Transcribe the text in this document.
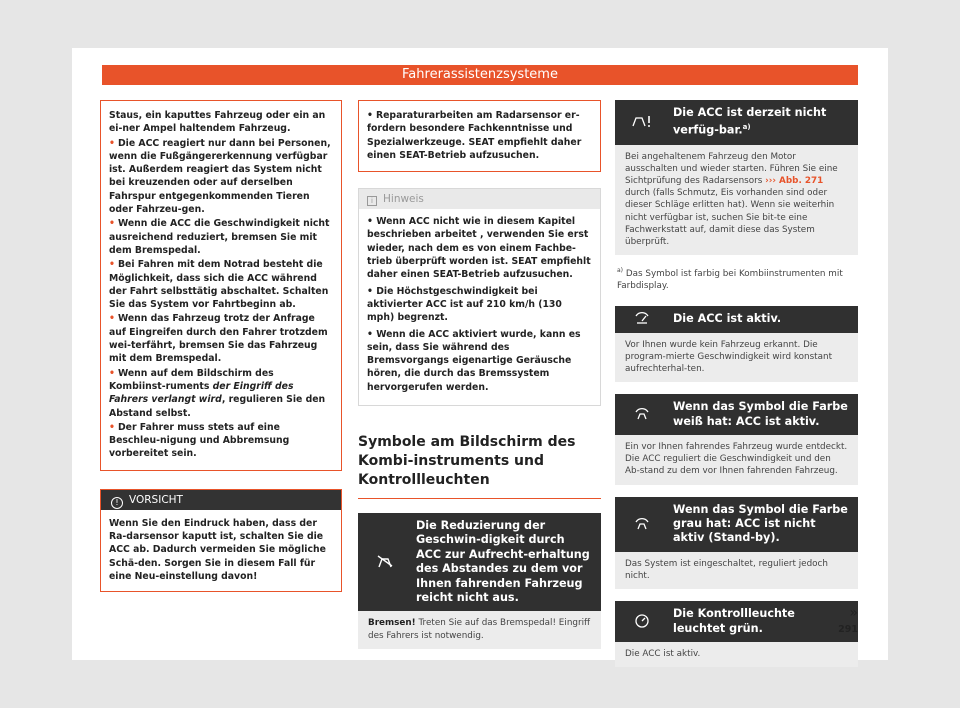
Fahrerassistenzsysteme

Staus, ein kaputtes Fahrzeug oder ein an ei-ner Ampel haltendem Fahrzeug.

• Die ACC reagiert nur dann bei Personen, wenn die Fußgängererkennung verfügbar ist. Außerdem reagiert das System nicht bei kreuzenden oder auf derselben Fahrspur entgegenkommenden Tieren oder Fahrzeu-gen.
• Wenn die ACC die Geschwindigkeit nicht ausreichend reduziert, bremsen Sie mit dem Bremspedal.
• Bei Fahren mit dem Notrad besteht die Möglichkeit, dass sich die ACC während der Fahrt selbsttätig abschaltet. Schalten Sie das System vor Fahrtbeginn ab.
• Wenn das Fahrzeug trotz der Anfrage auf Eingreifen durch den Fahrer trotzdem wei-terfährt, bremsen Sie das Fahrzeug mit dem Bremspedal.
• Wenn auf dem Bildschirm des Kombiinst-ruments der Eingriff des Fahrers verlangt wird, regulieren Sie den Abstand selbst.
• Der Fahrer muss stets auf eine Beschleu-nigung und Abbremsung vorbereitet sein.
! VORSICHT
Wenn Sie den Eindruck haben, dass der Ra-darsensor kaputt ist, schalten Sie die ACC ab. Dadurch vermeiden Sie mögliche Schä-den. Sorgen Sie in diesem Fall für eine Neu-einstellung davon!
• Reparaturarbeiten am Radarsensor er-fordern besondere Fachkenntnisse und Spezialwerkzeuge. SEAT empfiehlt daher einen SEAT-Betrieb aufzusuchen.
i Hinweis
• Wenn ACC nicht wie in diesem Kapitel beschrieben arbeitet , verwenden Sie erst wieder, nach dem es von einem Fachbe-trieb überprüft worden ist. SEAT empfiehlt daher einen SEAT-Betrieb aufzusuchen.
• Die Höchstgeschwindigkeit bei aktivierter ACC ist auf 210 km/h (130 mph) begrenzt.
• Wenn die ACC aktiviert wurde, kann es sein, dass Sie während des Bremsvorgangs eigenartige Geräusche hören, die durch das Bremssystem hervorgerufen werden.
Symbole am Bildschirm des Kombi-instruments und Kontrollleuchten
Die Reduzierung der Geschwin-digkeit durch ACC zur Aufrecht-erhaltung des Abstandes zu dem vor Ihnen fahrenden Fahrzeug reicht nicht aus.
Bremsen! Treten Sie auf das Bremspedal! Eingriff des Fahrers ist notwendig.
Die ACC ist derzeit nicht verfüg-bar.$^{a)}$
Bei angehaltenem Fahrzeug den Motor ausschalten und wieder starten. Führen Sie eine Sichtprüfung des Radarsensors ››› Abb. 271 durch (falls Schmutz, Eis vorhanden sind oder dieser Schläge erlitten hat). Wenn sie weiterhin nicht verfügbar ist, suchen Sie bit-te eine Fachwerkstatt auf, damit diese das System überprüft.
$^{a)}$ Das Symbol ist farbig bei Kombiinstrumenten mit Farbdisplay.
Die ACC ist aktiv.
Vor Ihnen wurde kein Fahrzeug erkannt. Die program-mierte Geschwindigkeit wird konstant aufrechterhal-ten.
Wenn das Symbol die Farbe weiß hat: ACC ist aktiv.
Ein vor Ihnen fahrendes Fahrzeug wurde entdeckt. Die ACC reguliert die Geschwindigkeit und den Ab-stand zu dem vor Ihnen fahrenden Fahrzeug.
Wenn das Symbol die Farbe grau hat: ACC ist nicht aktiv (Stand-by).
Das System ist eingeschaltet, reguliert jedoch nicht.
Die Kontrollleuchte leuchtet grün.
Die ACC ist aktiv.
»
291
